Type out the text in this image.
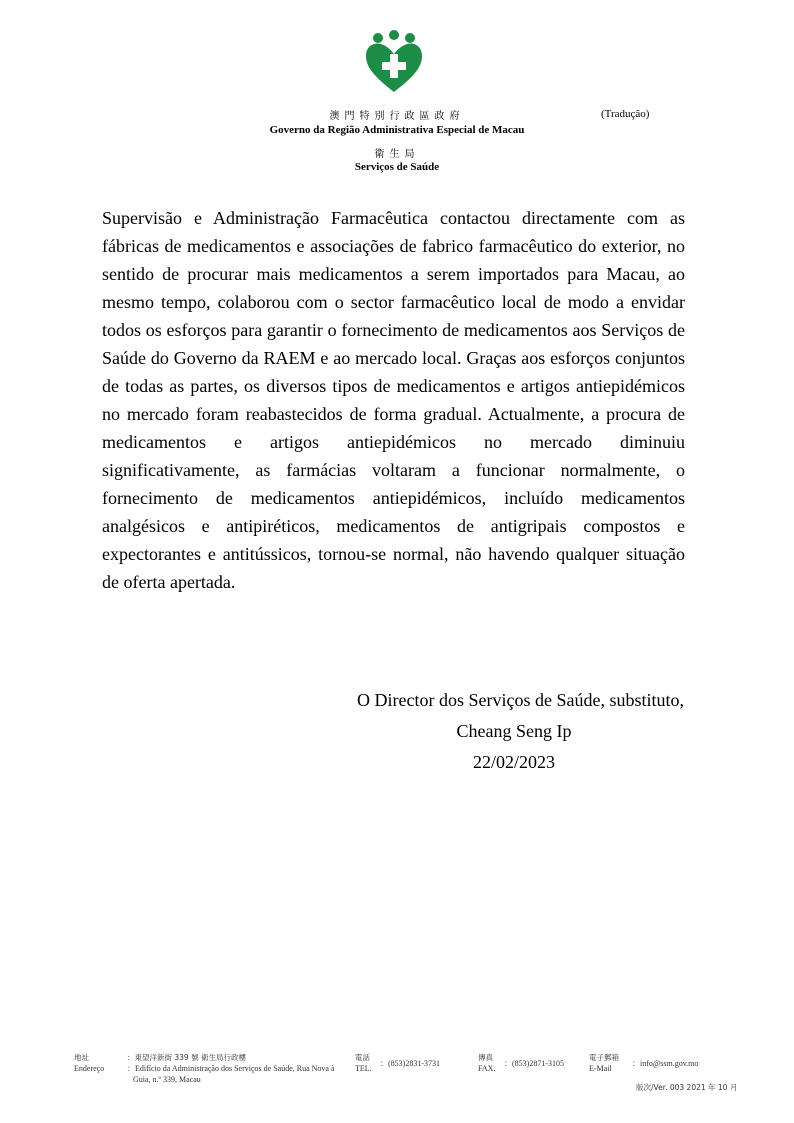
澳門特別行政區政府	(Tradução)
Governo da Região Administrativa Especial de Macau
衛生局
Serviços de Saúde

Supervisão e Administração Farmacêutica contactou directamente com as fábricas de medicamentos e associações de fabrico farmacêutico do exterior, no sentido de procurar mais medicamentos a serem importados para Macau, ao mesmo tempo, colaborou com o sector farmacêutico local de modo a envidar todos os esforços para garantir o fornecimento de medicamentos aos Serviços de Saúde do Governo da RAEM e ao mercado local. Graças aos esforços conjuntos de todas as partes, os diversos tipos de medicamentos e artigos antiepidémicos no mercado foram reabastecidos de forma gradual. Actualmente, a procura de medicamentos e artigos antiepidémicos no mercado diminuiu significativamente, as farmácias voltaram a funcionar normalmente, o fornecimento de medicamentos antiepidémicos, incluído medicamentos analgésicos e antipiréticos, medicamentos de antigripais compostos e expectorantes e antitússicos, tornou-se normal, não havendo qualquer situação de oferta apertada.

O Director dos Serviços de Saúde, substituto,
Cheang Seng Ip
22/02/2023
地址
Endereço
：東望洋新街 339 號 衛生局行政樓
：Edifício da Administração dos Serviços de Saúde, Rua Nova à
Guia, n.º 339, Macau
電話
TEL.
：(853)2831-3731
傳真
FAX.
：(853)2871-3105
電子郵箱
E-Mail
：info@ssm.gov.mo
版次/Ver. 003 2021 年 10 月
